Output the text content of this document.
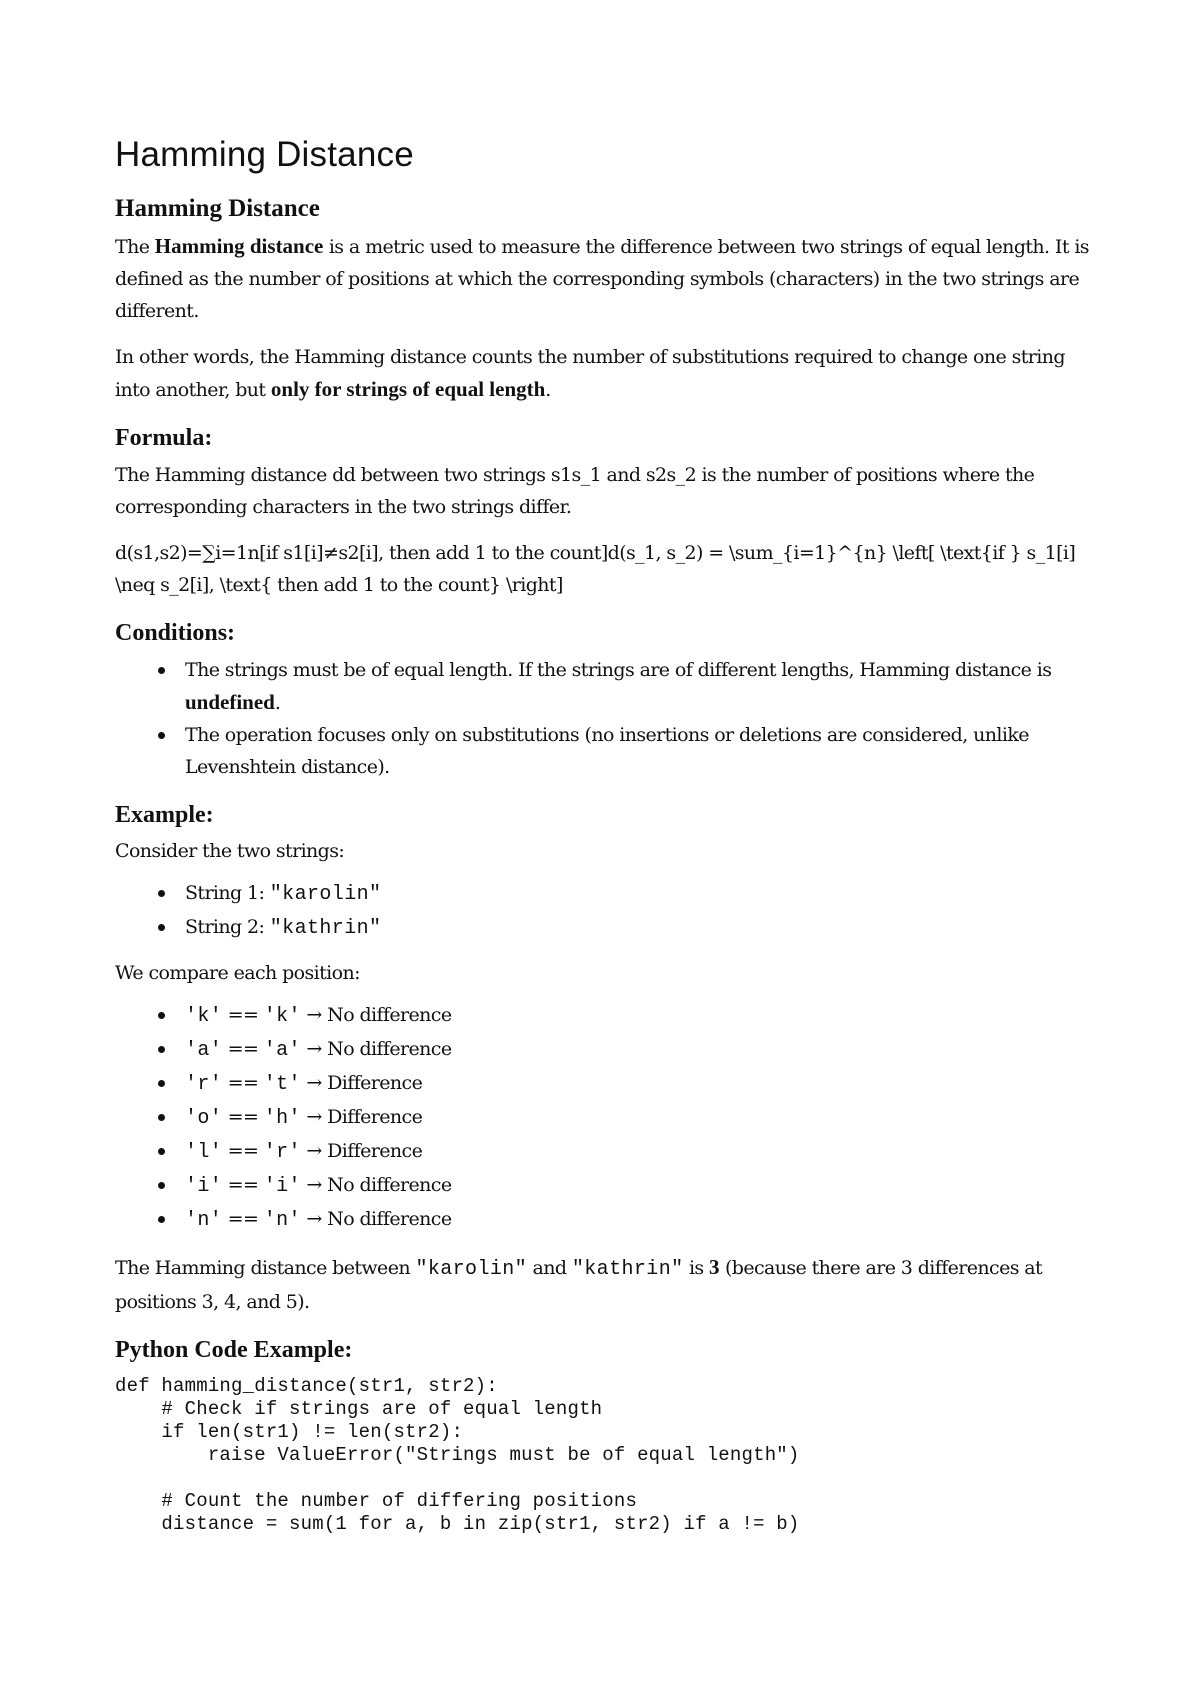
Hamming Distance
Hamming Distance

The Hamming distance is a metric used to measure the difference between two strings of equal length. It is defined as the number of positions at which the corresponding symbols (characters) in the two strings are different.

In other words, the Hamming distance counts the number of substitutions required to change one string into another, but only for strings of equal length.

Formula:

The Hamming distance dd between two strings s1s_1 and s2s_2 is the number of positions where the corresponding characters in the two strings differ.

d(s1,s2)=∑i=1n[if s1[i]≠s2[i], then add 1 to the count]d(s_1, s_2) = \sum_{i=1}^{n} \left[ \text{if } s_1[i] \neq s_2[i], \text{ then add 1 to the count} \right]

Conditions:
The strings must be of equal length. If the strings are of different lengths, Hamming distance is undefined.
The operation focuses only on substitutions (no insertions or deletions are considered, unlike Levenshtein distance).
Example:

Consider the two strings:

String 1: "karolin"
String 2: "kathrin"

We compare each position:

'k' == 'k' → No difference
'a' == 'a' → No difference
'r' == 't' → Difference
'o' == 'h' → Difference
'l' == 'r' → Difference
'i' == 'i' → No difference
'n' == 'n' → No difference

The Hamming distance between "karolin" and "kathrin" is 3 (because there are 3 differences at positions 3, 4, and 5).

Python Code Example:
def hamming_distance(str1, str2):
# Check if strings are of equal length
if len(str1) != len(str2):
raise ValueError("Strings must be of equal length")

# Count the number of differing positions
distance = sum(1 for a, b in zip(str1, str2) if a != b)
